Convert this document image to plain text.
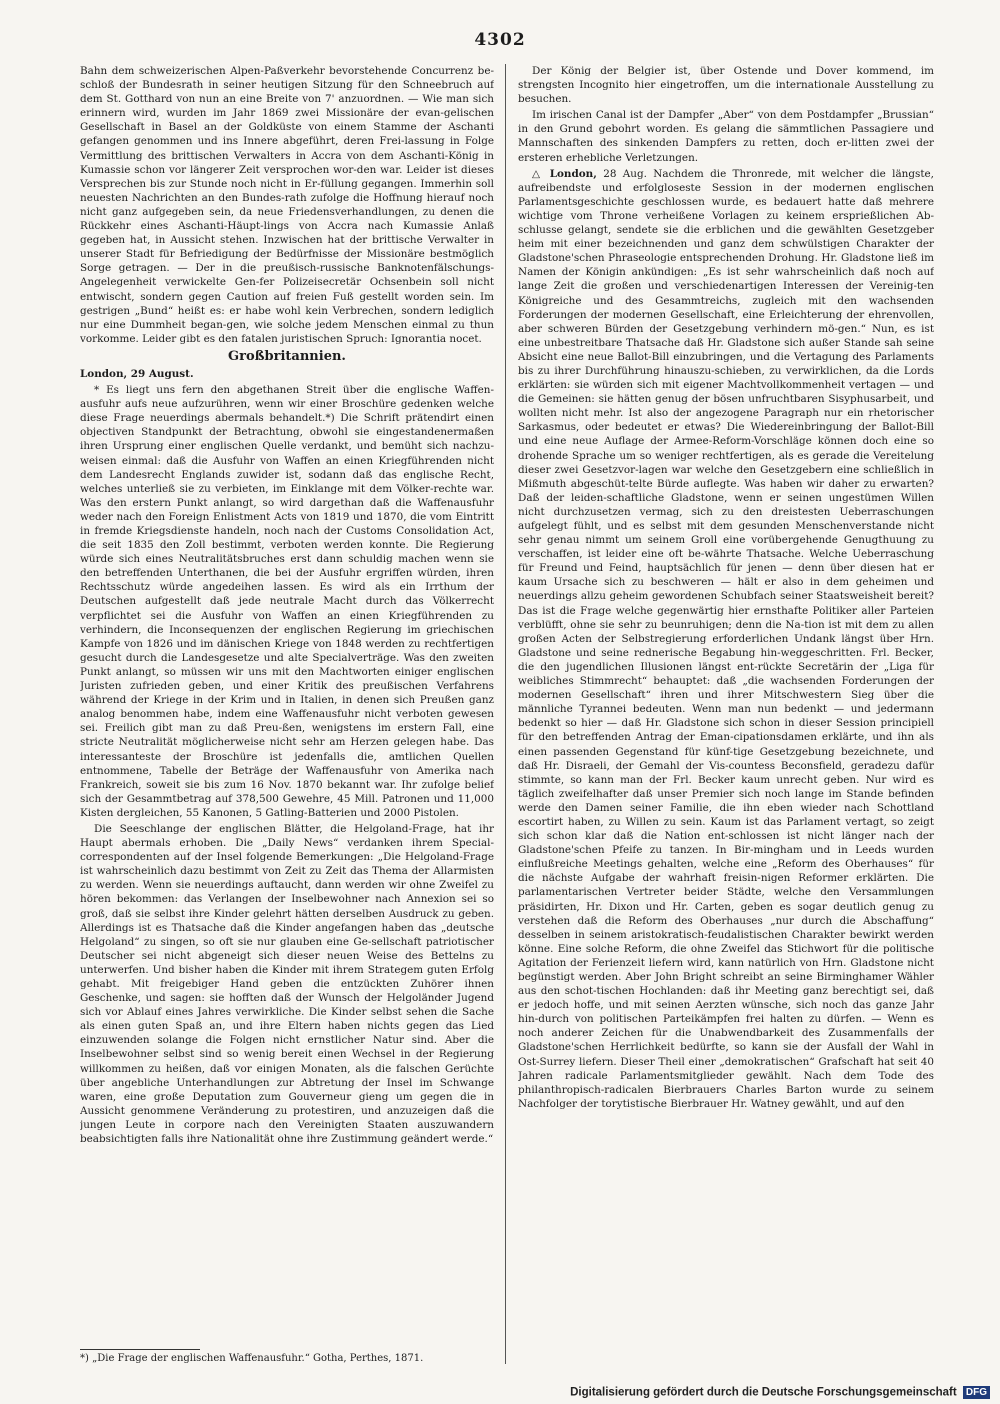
4302

Bahn dem schweizerischen Alpen-Paßverkehr bevorstehende Concurrenz be-schloß der Bundesrath in seiner heutigen Sitzung für den Schneebruch auf dem St. Gotthard von nun an eine Breite von 7' anzuordnen. — Wie man sich erinnern wird, wurden im Jahr 1869 zwei Missionäre der evan-gelischen Gesellschaft in Basel an der Goldküste von einem Stamme der Aschanti gefangen genommen und ins Innere abgeführt, deren Frei-lassung in Folge Vermittlung des brittischen Verwalters in Accra von dem Aschanti-König in Kumassie schon vor längerer Zeit versprochen wor-den war. Leider ist dieses Versprechen bis zur Stunde noch nicht in Er-füllung gegangen. Immerhin soll neuesten Nachrichten an den Bundes-rath zufolge die Hoffnung hierauf noch nicht ganz aufgegeben sein, da neue Friedensverhandlungen, zu denen die Rückkehr eines Aschanti-Häupt-lings von Accra nach Kumassie Anlaß gegeben hat, in Aussicht stehen. Inzwischen hat der brittische Verwalter in unserer Stadt für Befriedigung der Bedürfnisse der Missionäre bestmöglich Sorge getragen. — Der in die preußisch-russische Banknotenfälschungs-Angelegenheit verwickelte Gen-fer Polizeisecretär Ochsenbein soll nicht entwischt, sondern gegen Caution auf freien Fuß gestellt worden sein. Im gestrigen „Bund“ heißt es: er habe wohl kein Verbrechen, sondern lediglich nur eine Dummheit began-gen, wie solche jedem Menschen einmal zu thun vorkomme. Leider gibt es den fatalen juristischen Spruch: Ignorantia nocet.

Großbritannien.

London, 29 August.

* Es liegt uns fern den abgethanen Streit über die englische Waffen-ausfuhr aufs neue aufzurühren, wenn wir einer Broschüre gedenken welche diese Frage neuerdings abermals behandelt.*) Die Schrift prätendirt einen objectiven Standpunkt der Betrachtung, obwohl sie eingestandenermaßen ihren Ursprung einer englischen Quelle verdankt, und bemüht sich nachzu-weisen einmal: daß die Ausfuhr von Waffen an einen Kriegführenden nicht dem Landesrecht Englands zuwider ist, sodann daß das englische Recht, welches unterließ sie zu verbieten, im Einklange mit dem Völker-rechte war. Was den erstern Punkt anlangt, so wird dargethan daß die Waffenausfuhr weder nach den Foreign Enlistment Acts von 1819 und 1870, die vom Eintritt in fremde Kriegsdienste handeln, noch nach der Customs Consolidation Act, die seit 1835 den Zoll bestimmt, verboten werden konnte. Die Regierung würde sich eines Neutralitätsbruches erst dann schuldig machen wenn sie den betreffenden Unterthanen, die bei der Ausfuhr ergriffen würden, ihren Rechtsschutz würde angedeihen lassen. Es wird als ein Irrthum der Deutschen aufgestellt daß jede neutrale Macht durch das Völkerrecht verpflichtet sei die Ausfuhr von Waffen an einen Kriegführenden zu verhindern, die Inconsequenzen der englischen Regierung im griechischen Kampfe von 1826 und im dänischen Kriege von 1848 werden zu rechtfertigen gesucht durch die Landesgesetze und alte Specialverträge. Was den zweiten Punkt anlangt, so müssen wir uns mit den Machtworten einiger englischen Juristen zufrieden geben, und einer Kritik des preußischen Verfahrens während der Kriege in der Krim und in Italien, in denen sich Preußen ganz analog benommen habe, indem eine Waffenausfuhr nicht verboten gewesen sei. Freilich gibt man zu daß Preu-ßen, wenigstens im erstern Fall, eine stricte Neutralität möglicherweise nicht sehr am Herzen gelegen habe. Das interessanteste der Broschüre ist jedenfalls die, amtlichen Quellen entnommene, Tabelle der Beträge der Waffenausfuhr von Amerika nach Frankreich, soweit sie bis zum 16 Nov. 1870 bekannt war. Ihr zufolge belief sich der Gesammtbetrag auf 378,500 Gewehre, 45 Mill. Patronen und 11,000 Kisten dergleichen, 55 Kanonen, 5 Gatling-Batterien und 2000 Pistolen.

Die Seeschlange der englischen Blätter, die Helgoland-Frage, hat ihr Haupt abermals erhoben. Die „Daily News“ verdanken ihrem Special-correspondenten auf der Insel folgende Bemerkungen: „Die Helgoland-Frage ist wahrscheinlich dazu bestimmt von Zeit zu Zeit das Thema der Allarmisten zu werden. Wenn sie neuerdings auftaucht, dann werden wir ohne Zweifel zu hören bekommen: das Verlangen der Inselbewohner nach Annexion sei so groß, daß sie selbst ihre Kinder gelehrt hätten derselben Ausdruck zu geben. Allerdings ist es Thatsache daß die Kinder angefangen haben das „deutsche Helgoland“ zu singen, so oft sie nur glauben eine Ge-sellschaft patriotischer Deutscher sei nicht abgeneigt sich dieser neuen Weise des Bettelns zu unterwerfen. Und bisher haben die Kinder mit ihrem Strategem guten Erfolg gehabt. Mit freigebiger Hand geben die entzückten Zuhörer ihnen Geschenke, und sagen: sie hofften daß der Wunsch der Helgoländer Jugend sich vor Ablauf eines Jahres verwirkliche. Die Kinder selbst sehen die Sache als einen guten Spaß an, und ihre Eltern haben nichts gegen das Lied einzuwenden solange die Folgen nicht ernstlicher Natur sind. Aber die Inselbewohner selbst sind so wenig bereit einen Wechsel in der Regierung willkommen zu heißen, daß vor einigen Monaten, als die falschen Gerüchte über angebliche Unterhandlungen zur Abtretung der Insel im Schwange waren, eine große Deputation zum Gouverneur gieng um gegen die in Aussicht genommene Veränderung zu protestiren, und anzuzeigen daß die jungen Leute in corpore nach den Vereinigten Staaten auszuwandern beabsichtigten falls ihre Nationalität ohne ihre Zustimmung geändert werde.“

Der König der Belgier ist, über Ostende und Dover kommend, im strengsten Incognito hier eingetroffen, um die internationale Ausstellung zu besuchen.

Im irischen Canal ist der Dampfer „Aber“ von dem Postdampfer „Brussian“ in den Grund gebohrt worden. Es gelang die sämmtlichen Passagiere und Mannschaften des sinkenden Dampfers zu retten, doch er-litten zwei der ersteren erhebliche Verletzungen.

△ London, 28 Aug. Nachdem die Thronrede, mit welcher die längste, aufreibendste und erfolgloseste Session in der modernen englischen Parlamentsgeschichte geschlossen wurde, es bedauert hatte daß mehrere wichtige vom Throne verheißene Vorlagen zu keinem ersprießlichen Ab-schlusse gelangt, sendete sie die erblichen und die gewählten Gesetzgeber heim mit einer bezeichnenden und ganz dem schwülstigen Charakter der Gladstone'schen Phraseologie entsprechenden Drohung. Hr. Gladstone ließ im Namen der Königin ankündigen: „Es ist sehr wahrscheinlich daß noch auf lange Zeit die großen und verschiedenartigen Interessen der Vereinig-ten Königreiche und des Gesammtreichs, zugleich mit den wachsenden Forderungen der modernen Gesellschaft, eine Erleichterung der ehrenvollen, aber schweren Bürden der Gesetzgebung verhindern mö-gen.“ Nun, es ist eine unbestreitbare Thatsache daß Hr. Gladstone sich außer Stande sah seine Absicht eine neue Ballot-Bill einzubringen, und die Vertagung des Parlaments bis zu ihrer Durchführung hinauszu-schieben, zu verwirklichen, da die Lords erklärten: sie würden sich mit eigener Machtvollkommenheit vertagen — und die Gemeinen: sie hätten genug der bösen unfruchtbaren Sisyphusarbeit, und wollten nicht mehr. Ist also der angezogene Paragraph nur ein rhetorischer Sarkasmus, oder bedeutet er etwas? Die Wiedereinbringung der Ballot-Bill und eine neue Auflage der Armee-Reform-Vorschläge können doch eine so drohende Sprache um so weniger rechtfertigen, als es gerade die Vereitelung dieser zwei Gesetzvor-lagen war welche den Gesetzgebern eine schließlich in Mißmuth abgeschüt-telte Bürde auflegte. Was haben wir daher zu erwarten? Daß der leiden-schaftliche Gladstone, wenn er seinen ungestümen Willen nicht durchzusetzen vermag, sich zu den dreistesten Ueberraschungen aufgelegt fühlt, und es selbst mit dem gesunden Menschenverstande nicht sehr genau nimmt um seinem Groll eine vorübergehende Genugthuung zu verschaffen, ist leider eine oft be-währte Thatsache. Welche Ueberraschung für Freund und Feind, hauptsächlich für jenen — denn über diesen hat er kaum Ursache sich zu beschweren — hält er also in dem geheimen und neuerdings allzu geheim gewordenen Schubfach seiner Staatsweisheit bereit? Das ist die Frage welche gegenwärtig hier ernsthafte Politiker aller Parteien verblüfft, ohne sie sehr zu beunruhigen; denn die Na-tion ist mit dem zu allen großen Acten der Selbstregierung erforderlichen Undank längst über Hrn. Gladstone und seine rednerische Begabung hin-weggeschritten. Frl. Becker, die den jugendlichen Illusionen längst ent-rückte Secretärin der „Liga für weibliches Stimmrecht“ behauptet: daß „die wachsenden Forderungen der modernen Gesellschaft“ ihren und ihrer Mitschwestern Sieg über die männliche Tyrannei bedeuten. Wenn man nun bedenkt — und jedermann bedenkt so hier — daß Hr. Gladstone sich schon in dieser Session principiell für den betreffenden Antrag der Eman-cipationsdamen erklärte, und ihn als einen passenden Gegenstand für künf-tige Gesetzgebung bezeichnete, und daß Hr. Disraeli, der Gemahl der Vis-countess Beconsfield, geradezu dafür stimmte, so kann man der Frl. Becker kaum unrecht geben. Nur wird es täglich zweifelhafter daß unser Premier sich noch lange im Stande befinden werde den Damen seiner Familie, die ihn eben wieder nach Schottland escortirt haben, zu Willen zu sein. Kaum ist das Parlament vertagt, so zeigt sich schon klar daß die Nation ent-schlossen ist nicht länger nach der Gladstone'schen Pfeife zu tanzen. In Bir-mingham und in Leeds wurden einflußreiche Meetings gehalten, welche eine „Reform des Oberhauses“ für die nächste Aufgabe der wahrhaft freisin-nigen Reformer erklärten. Die parlamentarischen Vertreter beider Städte, welche den Versammlungen präsidirten, Hr. Dixon und Hr. Carten, geben es sogar deutlich genug zu verstehen daß die Reform des Oberhauses „nur durch die Abschaffung“ desselben in seinem aristokratisch-feudalistischen Charakter bewirkt werden könne. Eine solche Reform, die ohne Zweifel das Stichwort für die politische Agitation der Ferienzeit liefern wird, kann natürlich von Hrn. Gladstone nicht begünstigt werden. Aber John Bright schreibt an seine Birminghamer Wähler aus den schot-tischen Hochlanden: daß ihr Meeting ganz berechtigt sei, daß er jedoch hoffe, und mit seinen Aerzten wünsche, sich noch das ganze Jahr hin-durch von politischen Parteikämpfen frei halten zu dürfen. — Wenn es noch anderer Zeichen für die Unabwendbarkeit des Zusammenfalls der Gladstone'schen Herrlichkeit bedürfte, so kann sie der Ausfall der Wahl in Ost-Surrey liefern. Dieser Theil einer „demokratischen“ Grafschaft hat seit 40 Jahren radicale Parlamentsmitglieder gewählt. Nach dem Tode des philanthropisch-radicalen Bierbrauers Charles Barton wurde zu seinem Nachfolger der torytistische Bierbrauer Hr. Watney gewählt, und auf den

*) „Die Frage der englischen Waffenausfuhr.“ Gotha, Perthes, 1871.
Digitalisierung gefördert durch die Deutsche Forschungsgemeinschaft DFG
